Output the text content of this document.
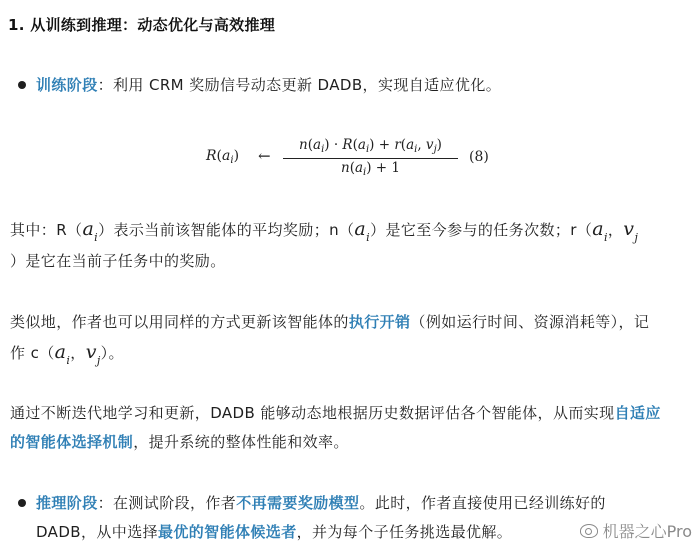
1. 从训练到推理：动态优化与高效推理
训练阶段：利用 CRM 奖励信号动态更新 DADB，实现自适应优化。
$R(a_i)$ ←
$n(a_i) \cdot R(a_i) + r(a_i$, $v_j$)
$n(a_i) + 1$
(8)
其中：$R(a_i)$表示当前该智能体的平均奖励；$n(a_i)$是它至今参与的任务次数；$r(a_i$，$v_j$
）是它在当前子任务中的奖励。
类似地，作者也可以用同样的方式更新该智能体的执行开销（例如运行时间、资源消耗等），记
作 $c(a_i$，$v_j$）。
通过不断迭代地学习和更新，DADB 能够动态地根据历史数据评估各个智能体，从而实现自适应
的智能体选择机制，提升系统的整体性能和效率。
推理阶段：在测试阶段，作者不再需要奖励模型。此时，作者直接使用已经训练好的
DADB，从中选择最优的智能体候选者，并为每个子任务挑选最优解。	机器之心Pro
